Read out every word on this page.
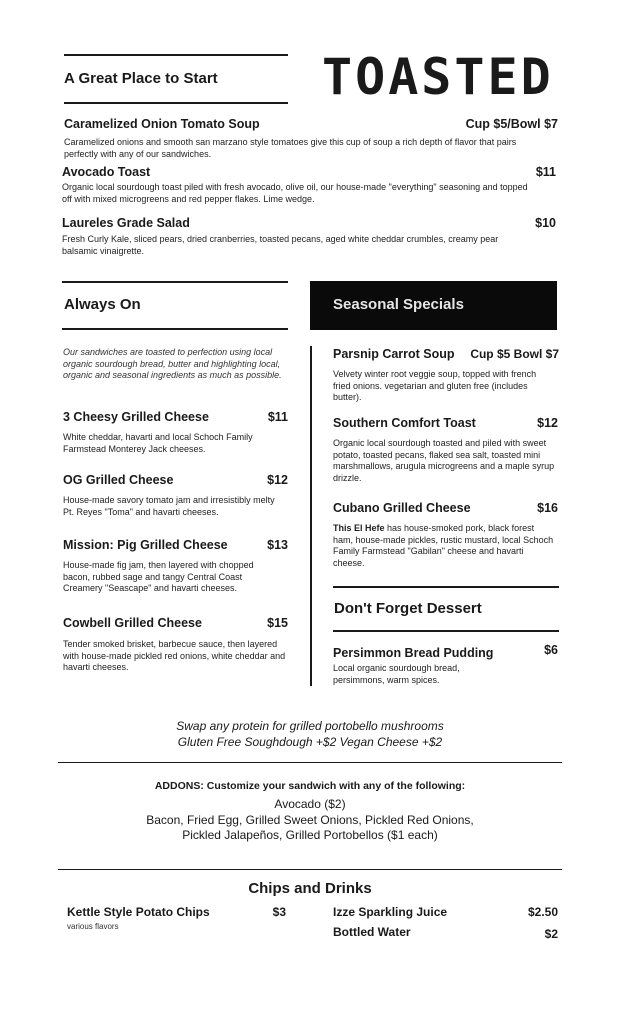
A Great Place to Start TOASTED
Caramelized Onion Tomato Soup	Cup $5/Bowl $7
Caramelized onions and smooth san marzano style tomatoes give this cup of soup a rich depth of flavor that pairs perfectly with any of our sandwiches.
Avocado Toast	$11
Organic local sourdough toast piled with fresh avocado, olive oil, our house-made "everything" seasoning and topped off with mixed microgreens and red pepper flakes. Lime wedge.
Laureles Grade Salad	$10
Fresh Curly Kale, sliced pears, dried cranberries, toasted pecans, aged white cheddar crumbles, creamy pear balsamic vinaigrette.
Always On
Our sandwiches are toasted to perfection using local organic sourdough bread, butter and highlighting local, organic and seasonal ingredients as much as possible.
3 Cheesy Grilled Cheese	$11
White cheddar, havarti and local Schoch Family Farmstead Monterey Jack cheeses.
OG Grilled Cheese	$12
House-made savory tomato jam and irresistibly melty Pt. Reyes "Toma" and havarti cheeses.
Mission: Pig Grilled Cheese	$13
House-made fig jam, then layered with chopped bacon, rubbed sage and tangy Central Coast Creamery "Seascape" and havarti cheeses.
Cowbell Grilled Cheese	$15
Tender smoked brisket, barbecue sauce, then layered with house-made pickled red onions, white cheddar and havarti cheeses.
Seasonal Specials
Parsnip Carrot Soup	Cup $5 Bowl $7
Velvety winter root veggie soup, topped with french fried onions. vegetarian and gluten free (includes butter).
Southern Comfort Toast	$12
Organic local sourdough toasted and piled with sweet potato, toasted pecans, flaked sea salt, toasted mini marshmallows, arugula microgreens and a maple syrup drizzle.
Cubano Grilled Cheese	$16
This El Hefe has house-smoked pork, black forest ham, house-made pickles, rustic mustard, local Schoch Family Farmstead "Gabilan" cheese and havarti cheese.
Don't Forget Dessert
Persimmon Bread Pudding	$6
Local organic sourdough bread, persimmons, warm spices.
Swap any protein for grilled portobello mushrooms
Gluten Free Soughdough +$2 Vegan Cheese +$2
ADDONS: Customize your sandwich with any of the following:
Avocado ($2)
Bacon, Fried Egg, Grilled Sweet Onions, Pickled Red Onions,
Pickled Jalapeños, Grilled Portobellos ($1 each)
Chips and Drinks
Kettle Style Potato Chips	$3
various flavors
Izze Sparkling Juice	$2.50
Bottled Water	$2
